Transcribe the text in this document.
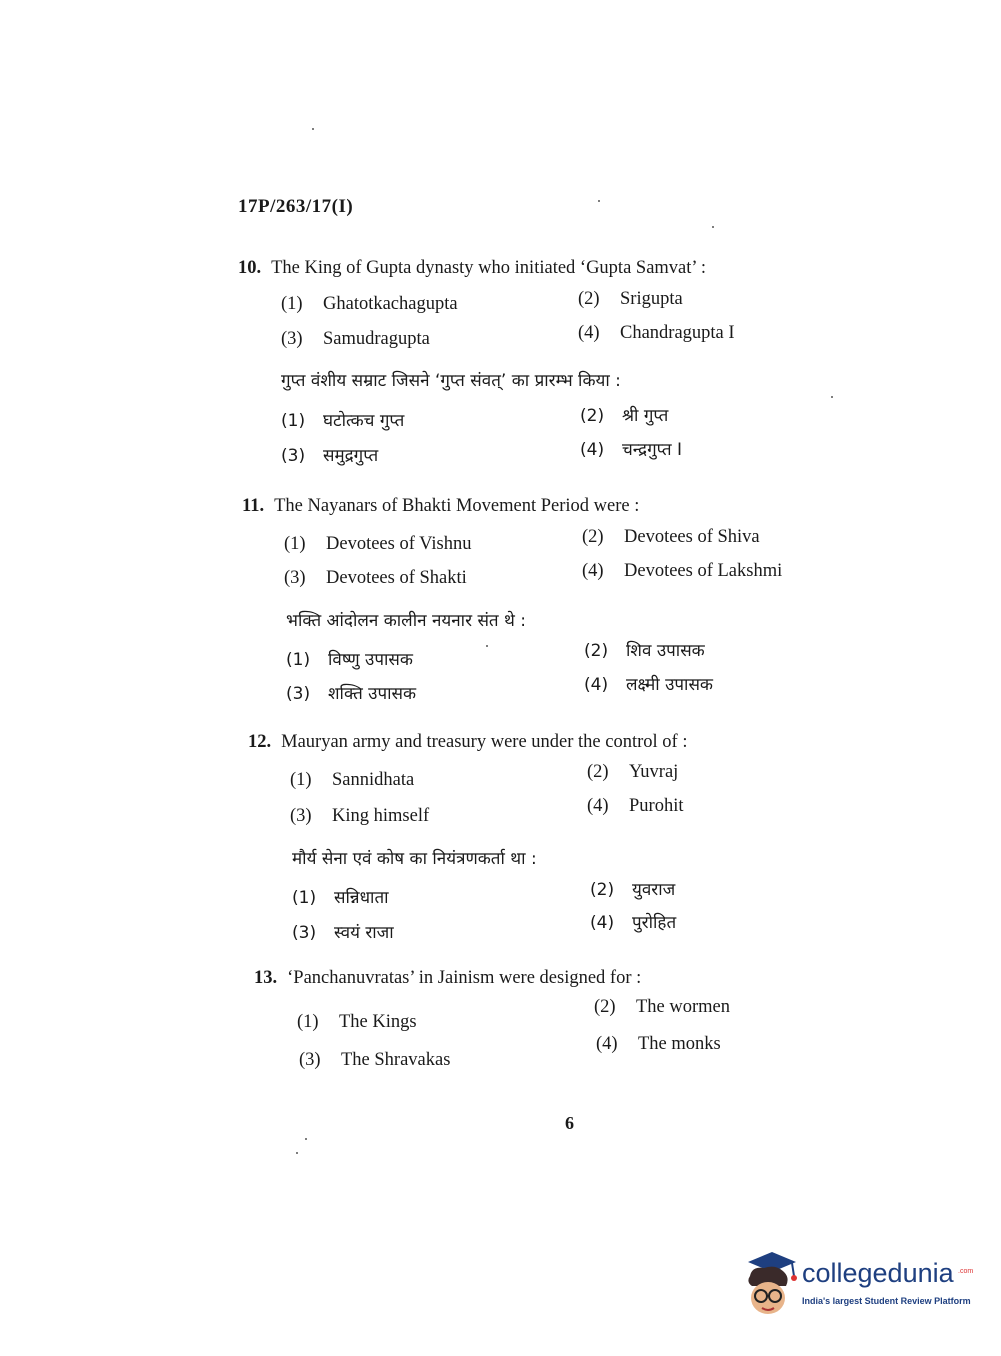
17P/263/17(I)
10. The King of Gupta dynasty who initiated ‘Gupta Samvat’ :
(1) Ghatotkachagupta	(2) Srigupta
(3) Samudragupta	(4) Chandragupta I
गुप्त वंशीय सम्राट जिसने ‘गुप्त संवत्’ का प्रारम्भ किया :
(1) घटोत्कच गुप्त	(2) श्री गुप्त
(3) समुद्रगुप्त	(4) चन्द्रगुप्त I
11. The Nayanars of Bhakti Movement Period were :
(1) Devotees of Vishnu	(2) Devotees of Shiva
(3) Devotees of Shakti	(4) Devotees of Lakshmi
भक्ति आंदोलन कालीन नयनार संत थे :
(1) विष्णु उपासक	(2) शिव उपासक
(3) शक्ति उपासक	(4) लक्ष्मी उपासक
12. Mauryan army and treasury were under the control of :
(1) Sannidhata	(2) Yuvraj
(3) King himself	(4) Purohit
मौर्य सेना एवं कोष का नियंत्रणकर्ता था :
(1) सन्निधाता	(2) युवराज
(3) स्वयं राजा	(4) पुरोहित
13. ‘Panchanuvratas’ in Jainism were designed for :
(1) The Kings
(2) The wormen
(3) The Shravakas
(4) The monks
6
collegedunia .com
India's largest Student Review Platform
